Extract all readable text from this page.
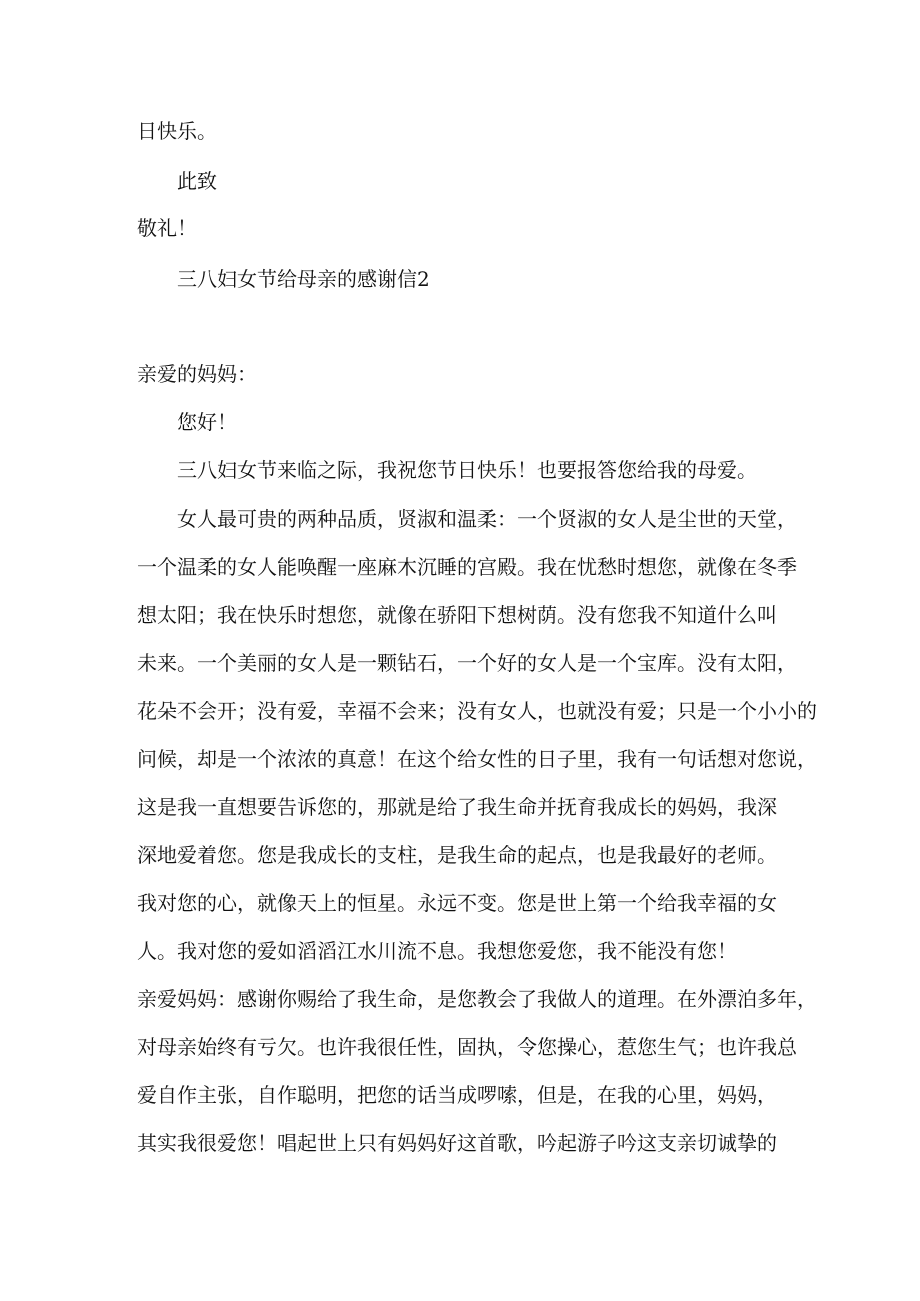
日快乐。

此致

敬礼！

三八妇女节给母亲的感谢信2

亲爱的妈妈：

您好！

三八妇女节来临之际，我祝您节日快乐！也要报答您给我的母爱。

女人最可贵的两种品质，贤淑和温柔：一个贤淑的女人是尘世的天堂，

一个温柔的女人能唤醒一座麻木沉睡的宫殿。我在忧愁时想您，就像在冬季

想太阳；我在快乐时想您，就像在骄阳下想树荫。没有您我不知道什么叫

未来。一个美丽的女人是一颗钻石，一个好的女人是一个宝库。没有太阳，

花朵不会开；没有爱，幸福不会来；没有女人，也就没有爱；只是一个小小的

问候，却是一个浓浓的真意！在这个给女性的日子里，我有一句话想对您说，

这是我一直想要告诉您的，那就是给了我生命并抚育我成长的妈妈，我深

深地爱着您。您是我成长的支柱，是我生命的起点，也是我最好的老师。

我对您的心，就像天上的恒星。永远不变。您是世上第一个给我幸福的女

人。我对您的爱如滔滔江水川流不息。我想您爱您，我不能没有您！

亲爱妈妈：感谢你赐给了我生命，是您教会了我做人的道理。在外漂泊多年，

对母亲始终有亏欠。也许我很任性，固执，令您操心，惹您生气；也许我总

爱自作主张，自作聪明，把您的话当成啰嗦，但是，在我的心里，妈妈，

其实我很爱您！唱起世上只有妈妈好这首歌，吟起游子吟这支亲切诚挚的
